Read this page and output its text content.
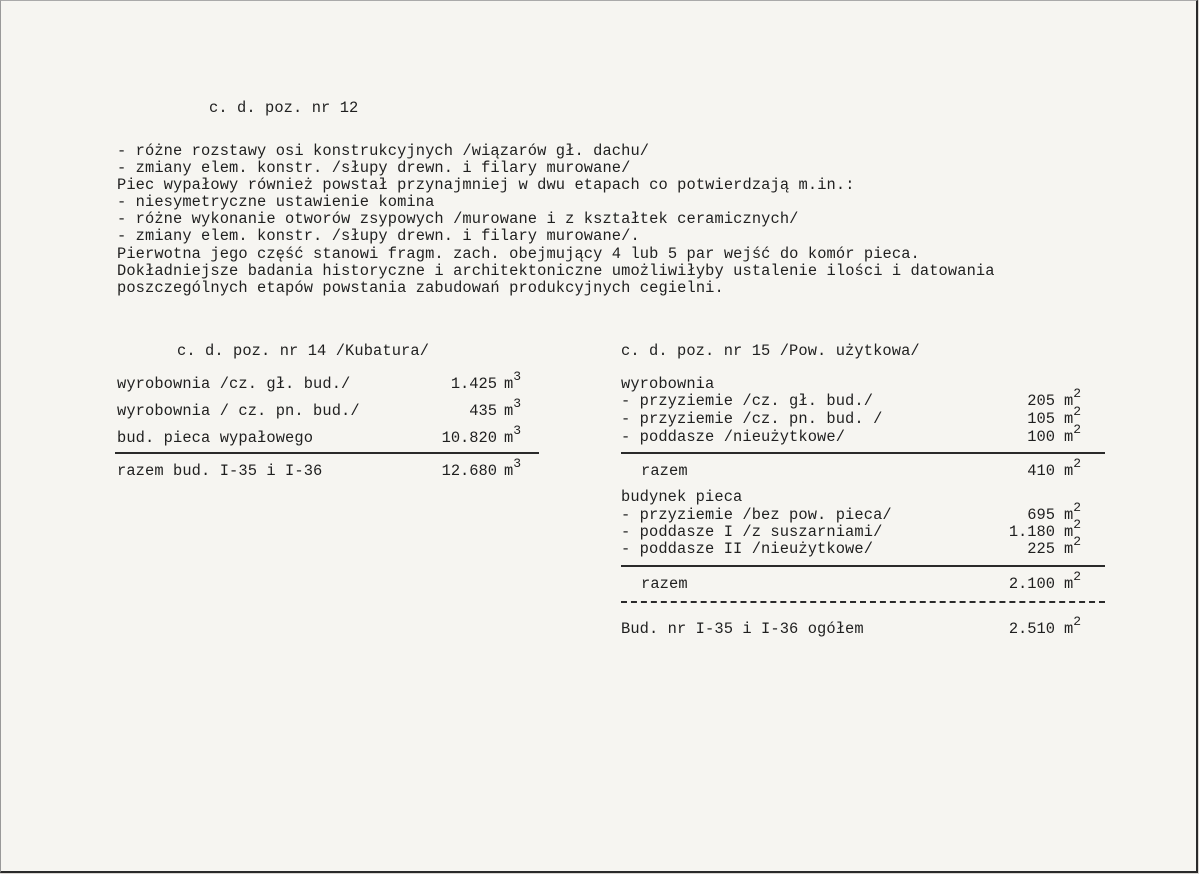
c. d. poz. nr 12
- różne rozstawy osi konstrukcyjnych /wiązarów gł. dachu/
- zmiany elem. konstr. /słupy drewn. i filary murowane/
Piec wypałowy również powstał przynajmniej w dwu etapach co potwierdzają m.in.:
- niesymetryczne ustawienie komina
- różne wykonanie otworów zsypowych /murowane i z kształtek ceramicznych/
- zmiany elem. konstr. /słupy drewn. i filary murowane/.
Pierwotna jego część stanowi fragm. zach. obejmujący 4 lub 5 par wejść do komór pieca.
Dokładniejsze badania historyczne i architektoniczne umożliwiłyby ustalenie ilości i datowania
poszczególnych etapów powstania zabudowań produkcyjnych cegielni.
c. d. poz. nr 14 /Kubatura/
wyrobownia /cz. gł. bud./	1.425 $m^3$
wyrobownia / cz. pn. bud./	435 $m^3$
bud. pieca wypałowego	10.820 $m^3$
razem bud. I-35 i I-36	12.680 $m^3$
c. d. poz. nr 15 /Pow. użytkowa/
wyrobownia
- przyziemie /cz. gł. bud./	205 $m^2$
- przyziemie /cz. pn. bud. /	105 $m^2$
- poddasze /nieużytkowe/	100 $m^2$
razem	410 $m^2$
budynek pieca
- przyziemie /bez pow. pieca/	695 $m^2$
- poddasze I /z suszarniami/	1.180 $m^2$
- poddasze II /nieużytkowe/	225 $m^2$
razem	2.100 $m^2$
Bud. nr I-35 i I-36 ogółem	2.510 $m^2$
